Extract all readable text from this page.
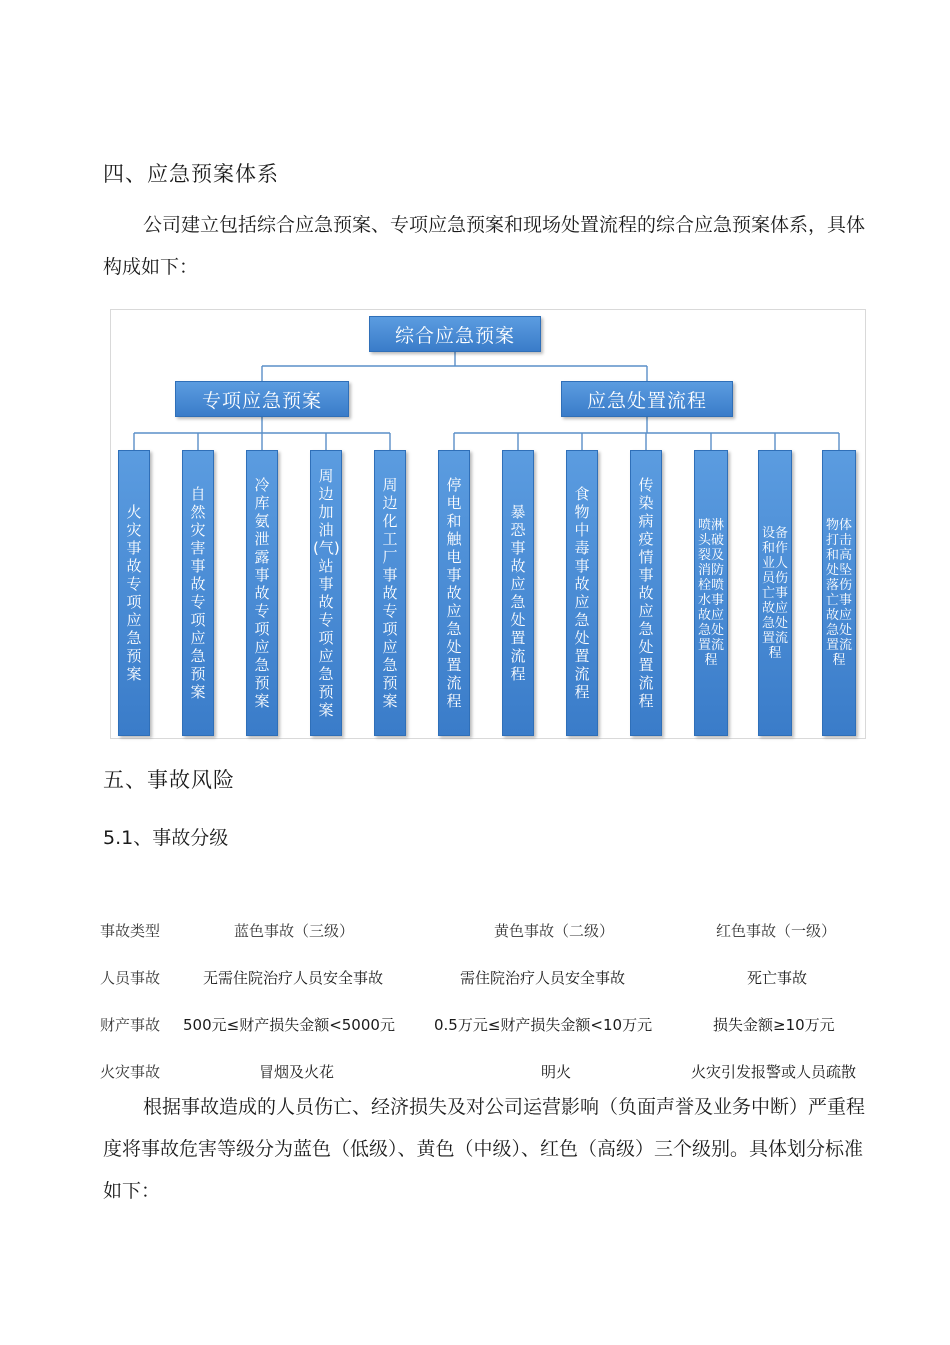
四、应急预案体系
公司建立包括综合应急预案、专项应急预案和现场处置流程的综合应急预案体系，具体构成如下：
综合应急预案
专项应急预案	应急处置流程
火灾事故专项应急预案
自然灾害事故专项应急预案
冷库氨泄露事故专项应急预案
周边加油(气)站事故专项应急预案
周边化工厂事故专项应急预案
停电和触电事故应急处置流程
暴恐事故应急处置流程
食物中毒事故应急处置流程
传染病疫情事故应急处置流程
喷淋头破裂及消防栓喷水事故应急处置流程
设备和作业人员伤亡事故应急处置流程
物体打击和高处坠落伤亡事故应急处置流程
五、事故风险
5.1、事故分级
事故类型	蓝色事故（三级）	黄色事故（二级）	红色事故（一级）
人员事故	无需住院治疗人员安全事故	需住院治疗人员安全事故	死亡事故
财产事故 500元≤财产损失金额<5000元	0.5万元≤财产损失金额<10万元	损失金额≥10万元
火灾事故	冒烟及火花	明火	火灾引发报警或人员疏散
根据事故造成的人员伤亡、经济损失及对公司运营影响（负面声誉及业务中断）严重程度将事故危害等级分为蓝色（低级）、黄色（中级）、红色（高级）三个级别。具体划分标准如下：
